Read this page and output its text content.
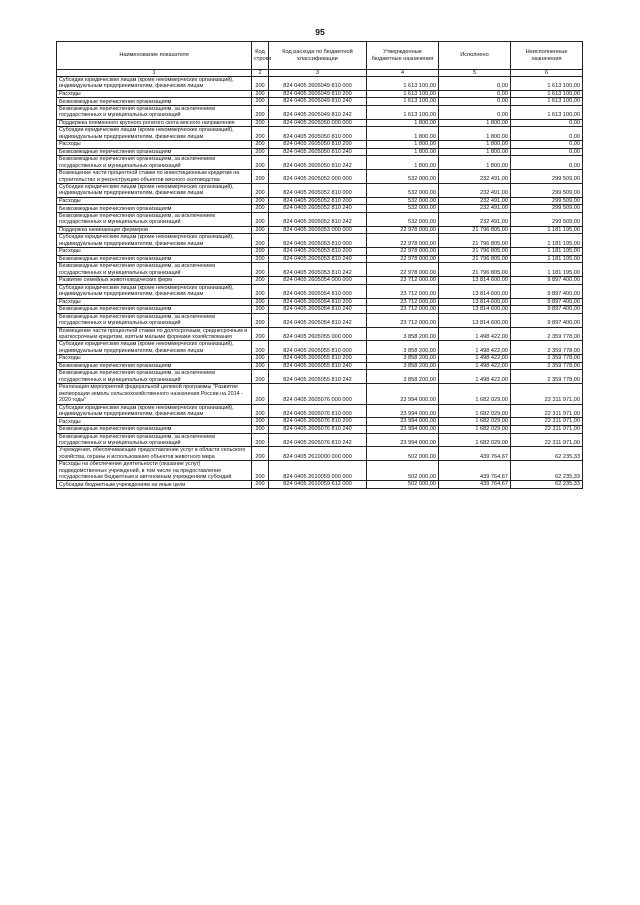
95
Наименование показателя	Код строки	Код расхода по бюджетной классификации	Утвержденные бюджетные назначения	Исполнено	Неисполненные назначения
1	2	3	4	5	6
Субсидии юридическим лицам (кроме некоммерческих организаций), индивидуальным предпринимателям, физическим лицам	200	824 0405 2605049 810 000	1 613 100,00	0,00	1 613 100,00
Расходы	200	824 0405 2605049 810 200	1 613 100,00	0,00	1 613 100,00
Безвозмездные перечисления организациям	200	824 0405 2605049 810 240	1 613 100,00	0,00	1 613 100,00
Безвозмездные перечисления организациям, за исключением государственных и муниципальных организаций	200	824 0405 2605049 810 242	1 613 100,00	0,00	1 613 100,00
Поддержка племенного крупного рогатого скота мясного направления	200	824 0405 2605050 000 000	1 800,00	1 800,00	0,00
Субсидии юридическим лицам (кроме некоммерческих организаций), индивидуальным предпринимателям, физическим лицам	200	824 0405 2605050 810 000	1 800,00	1 800,00	0,00
Расходы	200	824 0405 2605050 810 200	1 800,00	1 800,00	0,00
Безвозмездные перечисления организациям	200	824 0405 2605050 810 240	1 800,00	1 800,00	0,00
Безвозмездные перечисления организациям, за исключением государственных и муниципальных организаций	200	824 0405 2605050 810 242	1 800,00	1 800,00	0,00
Возмещение части процентной ставки по инвестиционным кредитам на строительство и реконструкцию объектов мясного скотоводства	200	824 0405 2605052 000 000	532 000,00	232 491,00	299 509,00
Субсидии юридическим лицам (кроме некоммерческих организаций), индивидуальным предпринимателям, физическим лицам	200	824 0405 2605052 810 000	532 000,00	232 491,00	299 509,00
Расходы	200	824 0405 2605052 810 200	532 000,00	232 491,00	299 509,00
Безвозмездные перечисления организациям	200	824 0405 2605052 810 240	532 000,00	232 491,00	299 509,00
Безвозмездные перечисления организациям, за исключением государственных и муниципальных организаций	200	824 0405 2605052 810 242	532 000,00	232 491,00	299 509,00
Поддержка начинающих фермеров	200	824 0405 2605053 000 000	22 978 000,00	21 796 805,00	1 181 195,00
Субсидии юридическим лицам (кроме некоммерческих организаций), индивидуальным предпринимателям, физическим лицам	200	824 0405 2605053 810 000	22 978 000,00	21 796 805,00	1 181 195,00
Расходы	200	824 0405 2605053 810 200	22 978 000,00	21 796 805,00	1 181 195,00
Безвозмездные перечисления организациям	200	824 0405 2605053 810 240	22 978 000,00	21 796 805,00	1 181 195,00
Безвозмездные перечисления организациям, за исключением государственных и муниципальных организаций	200	824 0405 2605053 810 242	22 978 000,00	21 796 805,00	1 181 195,00
Развитие семейных животноводческих ферм	200	824 0405 2605054 000 000	23 712 000,00	13 814 600,00	9 897 400,00
Субсидии юридическим лицам (кроме некоммерческих организаций), индивидуальным предпринимателям, физическим лицам	200	824 0405 2605054 810 000	23 712 000,00	13 814 600,00	9 897 400,00
Расходы	200	824 0405 2605054 810 200	23 712 000,00	13 814 600,00	9 897 400,00
Безвозмездные перечисления организациям	200	824 0405 2605054 810 240	23 712 000,00	13 814 600,00	9 897 400,00
Безвозмездные перечисления организациям, за исключением государственных и муниципальных организаций	200	824 0405 2605054 810 242	23 712 000,00	13 814 600,00	9 897 400,00
Возмещение части процентной ставки по долгосрочным, среднесрочным и краткосрочным кредитам, взятым малыми формами хозяйствования	200	824 0405 2605055 000 000	3 858 200,00	1 498 422,00	2 359 778,00
Субсидии юридическим лицам (кроме некоммерческих организаций), индивидуальным предпринимателям, физическим лицам	200	824 0405 2605055 810 000	3 858 200,00	1 498 422,00	2 359 778,00
Расходы	200	824 0405 2605055 810 200	3 858 200,00	1 498 422,00	2 359 778,00
Безвозмездные перечисления организациям	200	824 0405 2605055 810 240	3 858 200,00	1 498 422,00	2 359 778,00
Безвозмездные перечисления организациям, за исключением государственных и муниципальных организаций	200	824 0405 2605055 810 242	3 858 200,00	1 498 422,00	2 359 778,00
Реализация мероприятий федеральной целевой программы "Развитие мелиорации земель сельскохозяйственного назначения России на 2014 - 2020 годы"	200	824 0405 2605076 000 000	23 994 000,00	1 682 029,00	22 311 971,00
Субсидии юридическим лицам (кроме некоммерческих организаций), индивидуальным предпринимателям, физическим лицам	200	824 0405 2605076 810 000	23 994 000,00	1 682 029,00	22 311 971,00
Расходы	200	824 0405 2605076 810 200	23 994 000,00	1 682 029,00	22 311 971,00
Безвозмездные перечисления организациям	200	824 0405 2605076 810 240	23 994 000,00	1 682 029,00	22 311 971,00
Безвозмездные перечисления организациям, за исключением государственных и муниципальных организаций	200	824 0405 2605076 810 242	23 994 000,00	1 682 029,00	22 311 971,00
Учреждения, обеспечивающие предоставление услуг в области сельского хозяйства, охраны и использования объектов животного мира	200	824 0405 2610000 000 000	502 000,00	439 764,67	62 235,33
Расходы на обеспечение деятельности (оказание услуг) подведомственных учреждений, в том числе на предоставление государственным бюджетным и автономным учреждениям субсидий	200	824 0405 2610059 000 000	502 000,00	439 764,67	62 235,33
Субсидии бюджетным учреждениям на иные цели	200	824 0405 2610059 612 000	502 000,00	439 764,67	62 235,33
